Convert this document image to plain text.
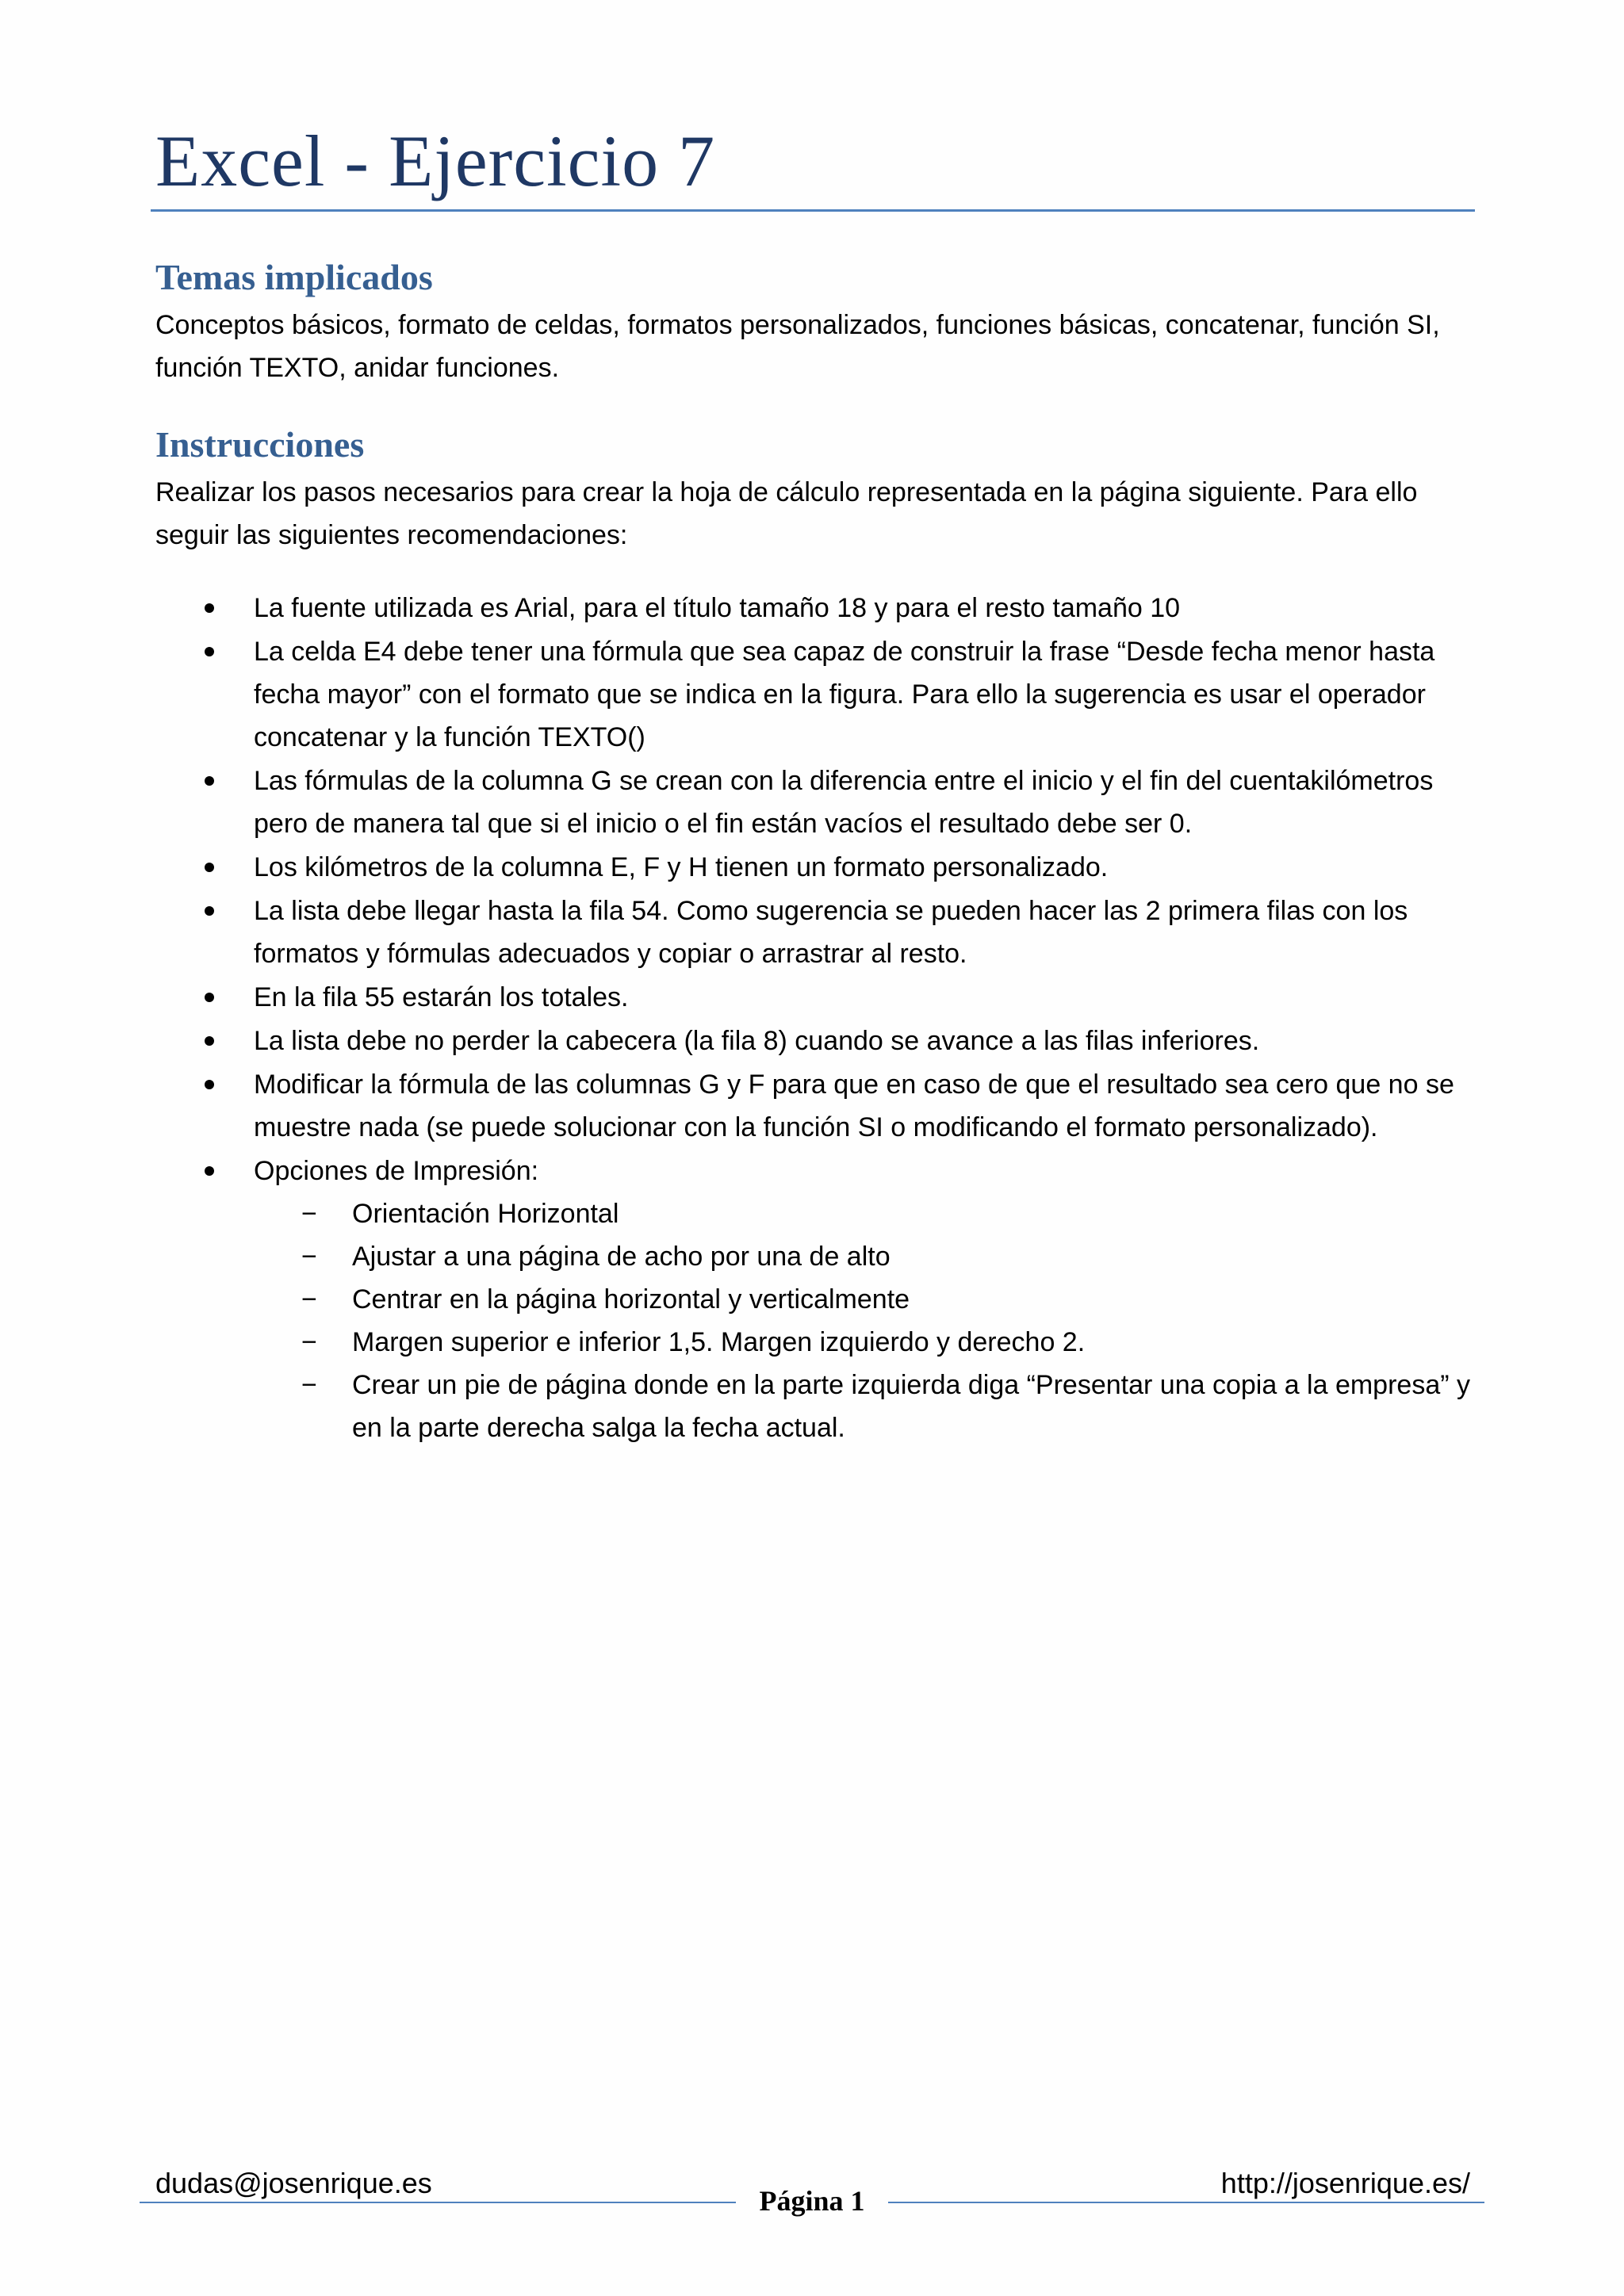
Excel - Ejercicio 7
Temas implicados

Conceptos básicos, formato de celdas, formatos personalizados, funciones básicas, concatenar, función SI, función TEXTO, anidar funciones.

Instrucciones

Realizar los pasos necesarios para crear la hoja de cálculo representada en la página siguiente. Para ello seguir las siguientes recomendaciones:

La fuente utilizada es Arial, para el título tamaño 18 y para el resto tamaño 10
La celda E4 debe tener una fórmula que sea capaz de construir la frase “Desde fecha menor hasta fecha mayor” con el formato que se indica en la figura. Para ello la sugerencia es usar el operador concatenar y la función TEXTO()
Las fórmulas de la columna G se crean con la diferencia entre el inicio y el fin del cuentakilómetros pero de manera tal que si el inicio o el fin están vacíos el resultado debe ser 0.
Los kilómetros de la columna E, F y H tienen un formato personalizado.
La lista debe llegar hasta la fila 54. Como sugerencia se pueden hacer las 2 primera filas con los formatos y fórmulas adecuados y copiar o arrastrar al resto.
En la fila 55 estarán los totales.
La lista debe no perder la cabecera (la fila 8) cuando se avance a las filas inferiores.
Modificar la fórmula de las columnas G y F para que en caso de que el resultado sea cero que no se muestre nada (se puede solucionar con la función SI o modificando el formato personalizado).
Opciones de Impresión:
− Orientación Horizontal
− Ajustar a una página de acho por una de alto
− Centrar en la página horizontal y verticalmente
− Margen superior e inferior 1,5. Margen izquierdo y derecho 2.
− Crear un pie de página donde en la parte izquierda diga “Presentar una copia a la empresa” y en la parte derecha salga la fecha actual.
dudas@josenrique.es
Página 1
http://josenrique.es/
